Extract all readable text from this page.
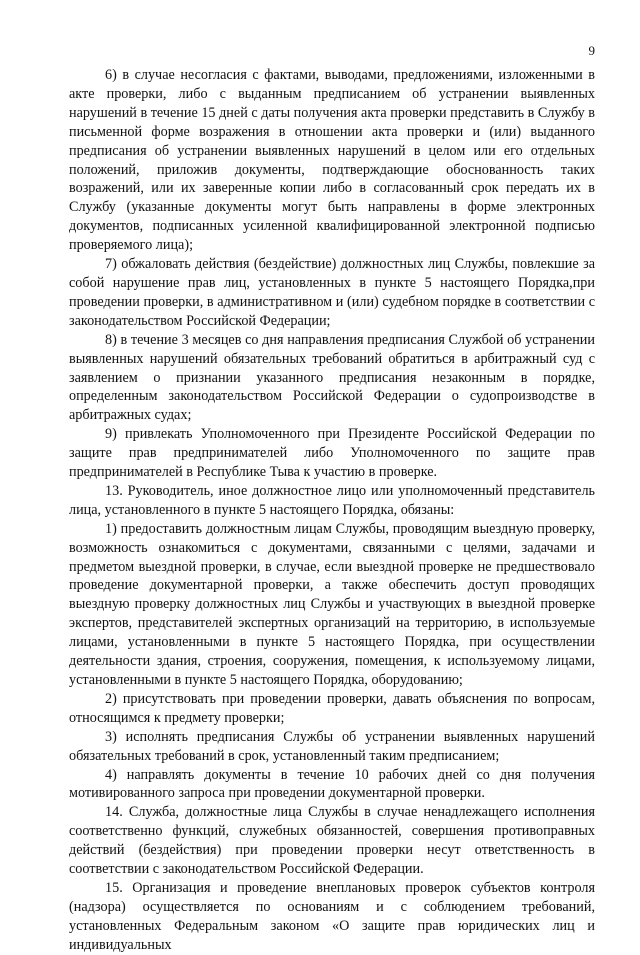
9

6) в случае несогласия с фактами, выводами, предложениями, изложенными в акте проверки, либо с выданным предписанием об устранении выявленных нарушений в течение 15 дней с даты получения акта проверки представить в Службу в письменной форме возражения в отношении акта проверки и (или) выданного предписания об устранении выявленных нарушений в целом или его отдельных положений, приложив документы, подтверждающие обоснованность таких возражений, или их заверенные копии либо в согласованный срок передать их в Службу (указанные документы могут быть направлены в форме электронных документов, подписанных усиленной квалифицированной электронной подписью проверяемого лица);

7) обжаловать действия (бездействие) должностных лиц Службы, повлекшие за собой нарушение прав лиц, установленных в пункте 5 настоящего Порядка,при проведении проверки, в административном и (или) судебном порядке в соответствии с законодательством Российской Федерации;

8) в течение 3 месяцев со дня направления предписания Службой об устранении выявленных нарушений обязательных требований обратиться в арбитражный суд с заявлением о признании указанного предписания незаконным в порядке, определенным законодательством Российской Федерации о судопроизводстве в арбитражных судах;

9) привлекать Уполномоченного при Президенте Российской Федерации по защите прав предпринимателей либо Уполномоченного по защите прав предпринимателей в Республике Тыва к участию в проверке.

13. Руководитель, иное должностное лицо или уполномоченный представитель лица, установленного в пункте 5 настоящего Порядка, обязаны:

1) предоставить должностным лицам Службы, проводящим выездную проверку, возможность ознакомиться с документами, связанными с целями, задачами и предметом выездной проверки, в случае, если выездной проверке не предшествовало проведение документарной проверки, а также обеспечить доступ проводящих выездную проверку должностных лиц Службы и участвующих в выездной проверке экспертов, представителей экспертных организаций на территорию, в используемые лицами, установленными в пункте 5 настоящего Порядка, при осуществлении деятельности здания, строения, сооружения, помещения, к используемому лицами, установленными в пункте 5 настоящего Порядка, оборудованию;

2) присутствовать при проведении проверки, давать объяснения по вопросам, относящимся к предмету проверки;

3) исполнять предписания Службы об устранении выявленных нарушений обязательных требований в срок, установленный таким предписанием;

4) направлять документы в течение 10 рабочих дней со дня получения мотивированного запроса при проведении документарной проверки.

14. Служба, должностные лица Службы в случае ненадлежащего исполнения соответственно функций, служебных обязанностей, совершения противоправных действий (бездействия) при проведении проверки несут ответственность в соответствии с законодательством Российской Федерации.

15. Организация и проведение внеплановых проверок субъектов контроля (надзора) осуществляется по основаниям и с соблюдением требований, установленных Федеральным законом «О защите прав юридических лиц и индивидуальных
